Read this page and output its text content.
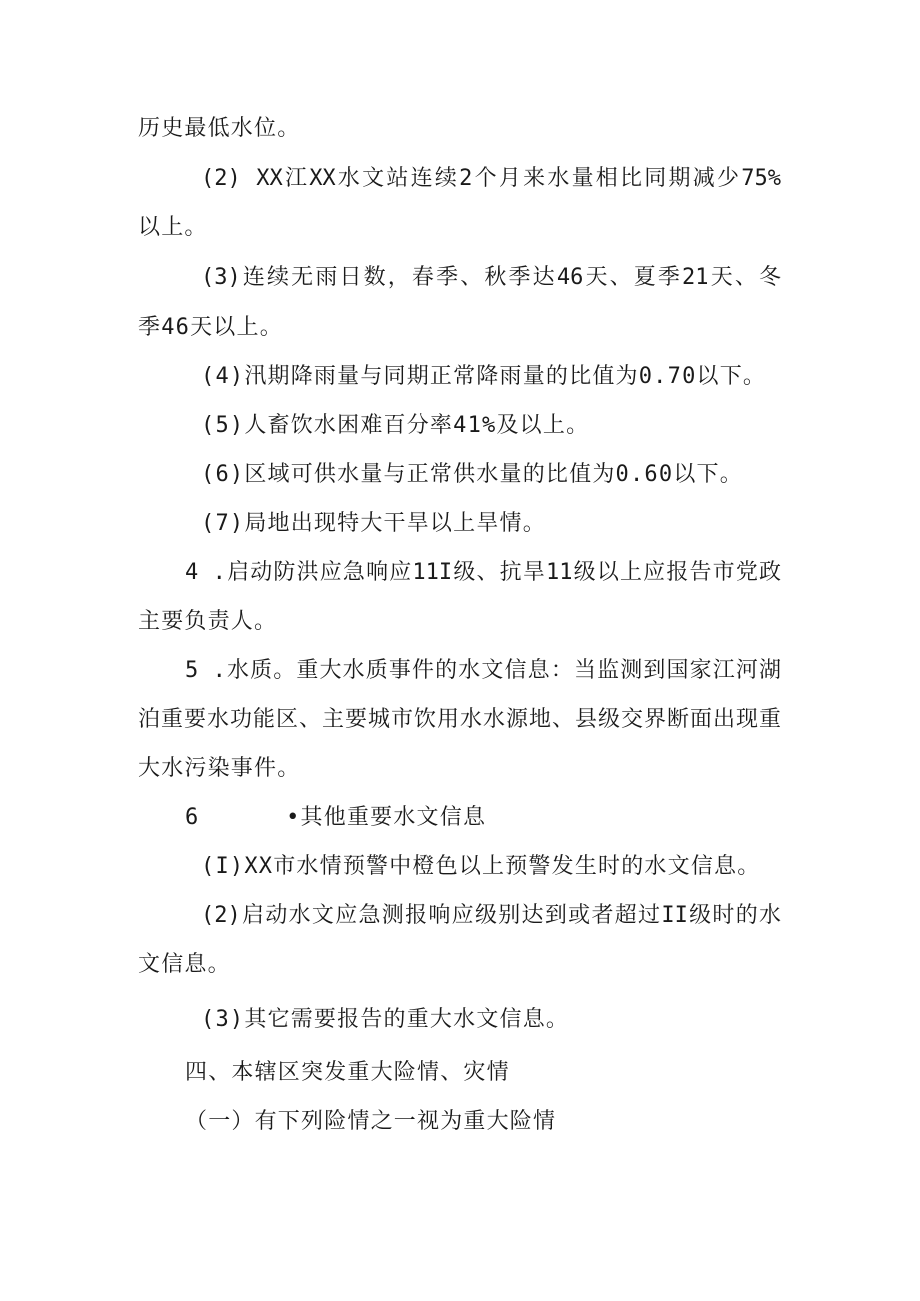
历史最低水位。
(2) XX江XX水文站连续2个月来水量相比同期减少75%
以上。
(3)连续无雨日数，春季、秋季达46天、夏季21天、冬
季46天以上。
(4)汛期降雨量与同期正常降雨量的比值为0.70以下。
(5)人畜饮水困难百分率41%及以上。
(6)区域可供水量与正常供水量的比值为0.60以下。
(7)局地出现特大干旱以上旱情。
4 .启动防洪应急响应11I级、抗旱11级以上应报告市党政
主要负责人。
5 .水质。重大水质事件的水文信息：当监测到国家江河湖
泊重要水功能区、主要城市饮用水水源地、县级交界断面出现重
大水污染事件。
6      •其他重要水文信息
(I)XX市水情预警中橙色以上预警发生时的水文信息。
(2)启动水文应急测报响应级别达到或者超过II级时的水
文信息。
(3)其它需要报告的重大水文信息。
四、本辖区突发重大险情、灾情
（一）有下列险情之一视为重大险情
